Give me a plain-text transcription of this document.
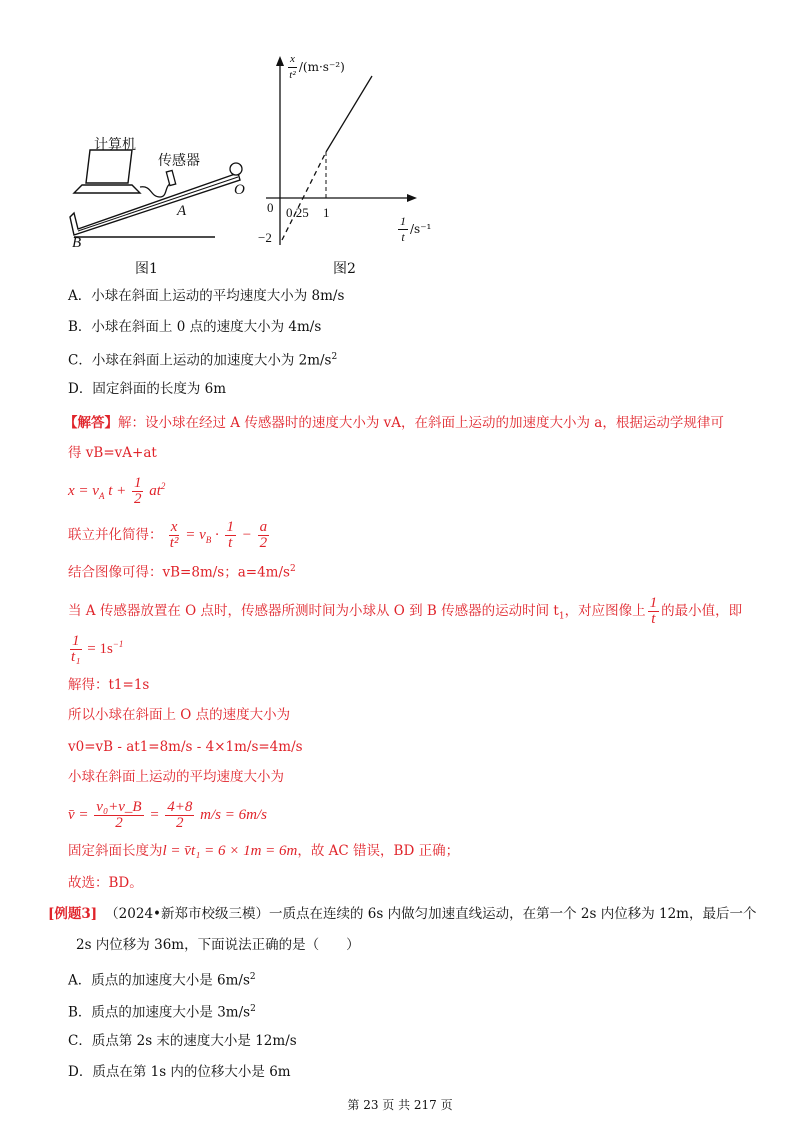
计算机
传感器
A
O
B
图1
$\frac{x}{\text{t²}} /(m\cdot s^{-2})$
0 0.25 1
−2	$\frac{1}{t} /s^{-1}$
图2
A．小球在斜面上运动的平均速度大小为 8m/s
B．小球在斜面上 0 点的速度大小为 4m/s
C．小球在斜面上运动的加速度大小为 $2m/s^2$
D．固定斜面的长度为 6m
【解答】解：设小球在经过 A 传感器时的速度大小为 vA，在斜面上运动的加速度大小为 a，根据运动学规律可
得 vB=vA+at
$x = v_A$ $t + \frac{1}{2} at^2$
联立并化简得： $\frac{x}{\text{t²}} = v_B \cdot \frac{1}{t} - \frac{a}{2}$
结合图像可得：vB=8m/s；$a=4m/s^2$
当 A 传感器放置在 O 点时，传感器所测时间为小球从 O 到 B 传感器的运动时间 $t_1$，对应图像上 $\frac{1}{t}$ 的最小值，即
$\frac{1}{\text{t₁}} = 1s^{-1}$
解得：t1=1s
所以小球在斜面上 O 点的速度大小为
v0=vB - at1=8m/s - 4×1m/s=4m/s
小球在斜面上运动的平均速度大小为
v̄ = $\frac{\text{v₀+v\_B}}{2} = \frac{4+8}{2} m/s = 6m/s$
固定斜面长度为l = v̄t₁ = 6 × 1m = 6m，故 AC 错误，BD 正确；
故选：BD。
[例题3] （2024•新郑市校级三模）一质点在连续的 6s 内做匀加速直线运动，在第一个 2s 内位移为 12m，最后一个
2s 内位移为 36m，下面说法正确的是（　　）
A．质点的加速度大小是 $6m/s^2$
B．质点的加速度大小是 $3m/s^2$
C．质点第 2s 末的速度大小是 12m/s
D．质点在第 1s 内的位移大小是 6m
第 23 页 共 217 页
